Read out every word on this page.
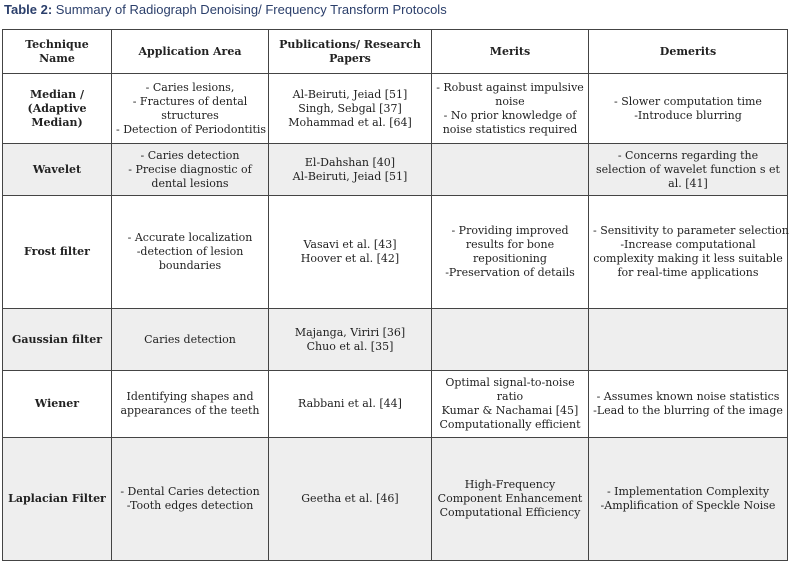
Table 2: Summary of Radiograph Denoising/ Frequency Transform Protocols
Technique Name	Application Area	Publications/ Research Papers	Merits	Demerits

Median / (Adaptive Median)	- Caries lesions,
- Fractures of dental structures
- Detection of Periodontitis	Al-Beiruti, Jeiad [51]
Singh, Sebgal [37]
Mohammad et al. [64]	- Robust against impulsive noise
- No prior knowledge of noise statistics required	- Slower computation time
-Introduce blurring

Wavelet	- Caries detection
- Precise diagnostic of dental lesions	El-Dahshan [40]
Al-Beiruti, Jeiad [51]		- Concerns regarding the selection of wavelet function s et al. [41]

Frost filter	- Accurate localization
-detection of lesion boundaries	Vasavi et al. [43]
Hoover et al. [42]	- Providing improved results for bone repositioning
-Preservation of details	- Sensitivity to parameter selection
-Increase computational complexity making it less suitable for real-time applications

Gaussian filter	Caries detection	Majanga, Viriri [36]
Chuo et al. [35]		

Wiener	Identifying shapes and appearances of the teeth	Rabbani et al. [44]	Optimal signal-to-noise ratio
Kumar & Nachamai [45]
Computationally efficient	- Assumes known noise statistics
-Lead to the blurring of the image

Laplacian Filter	- Dental Caries detection
-Tooth edges detection	Geetha et al. [46]	High-Frequency Component Enhancement
Computational Efficiency	- Implementation Complexity
-Amplification of Speckle Noise
